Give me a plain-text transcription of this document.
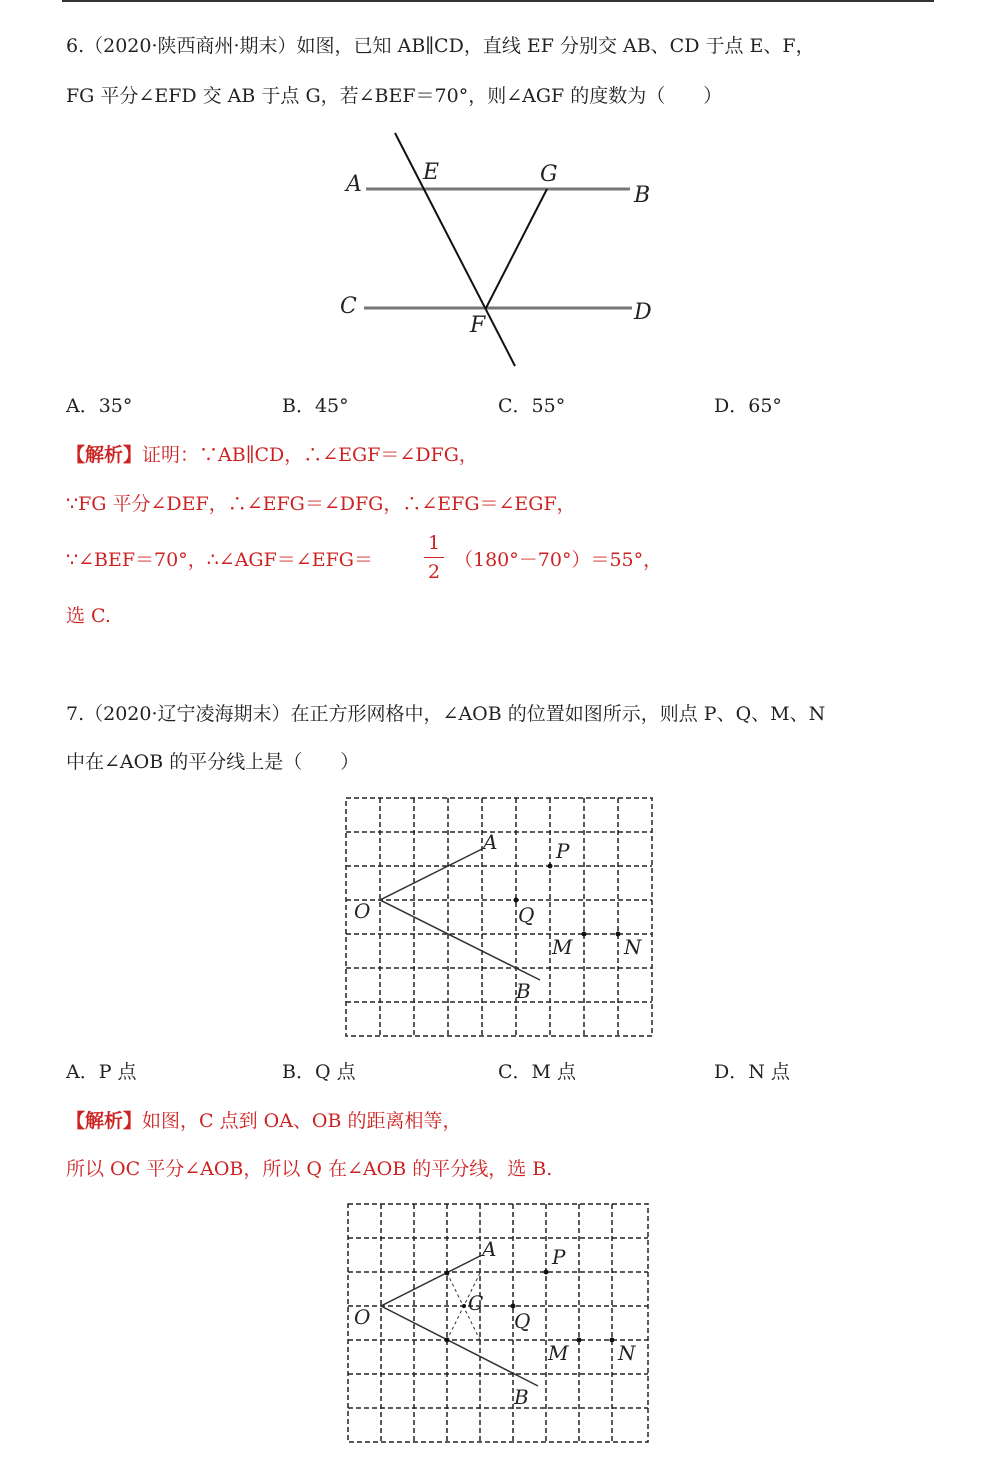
6.（2020·陕西商州·期末）如图，已知 AB∥CD，直线 EF 分别交 AB、CD 于点 E、F，
FG 平分∠EFD 交 AB 于点 G，若∠BEF＝70°，则∠AGF 的度数为（　　）
A	E	G
B
C
F
D
A．35°	B．45°	C．55°	D．65°
【解析】证明：∵AB∥CD，∴∠EGF＝∠DFG，
∵FG 平分∠DEF，∴∠EFG＝∠DFG，∴∠EFG＝∠EGF，
∵∠BEF＝70°，∴∠AGF＝∠EFG＝
1
2
（180°－70°）＝55°，
选 C.
7.（2020·辽宁凌海期末）在正方形网格中，∠AOB 的位置如图所示，则点 P、Q、M、N
中在∠AOB 的平分线上是（　　）
O
A
B
P
Q
M	N
A．P 点	B．Q 点	C．M 点	D．N 点
【解析】如图，C 点到 OA、OB 的距离相等，
所以 OC 平分∠AOB，所以 Q 在∠AOB 的平分线，选 B.
O
A
C
B
P
Q
M N
